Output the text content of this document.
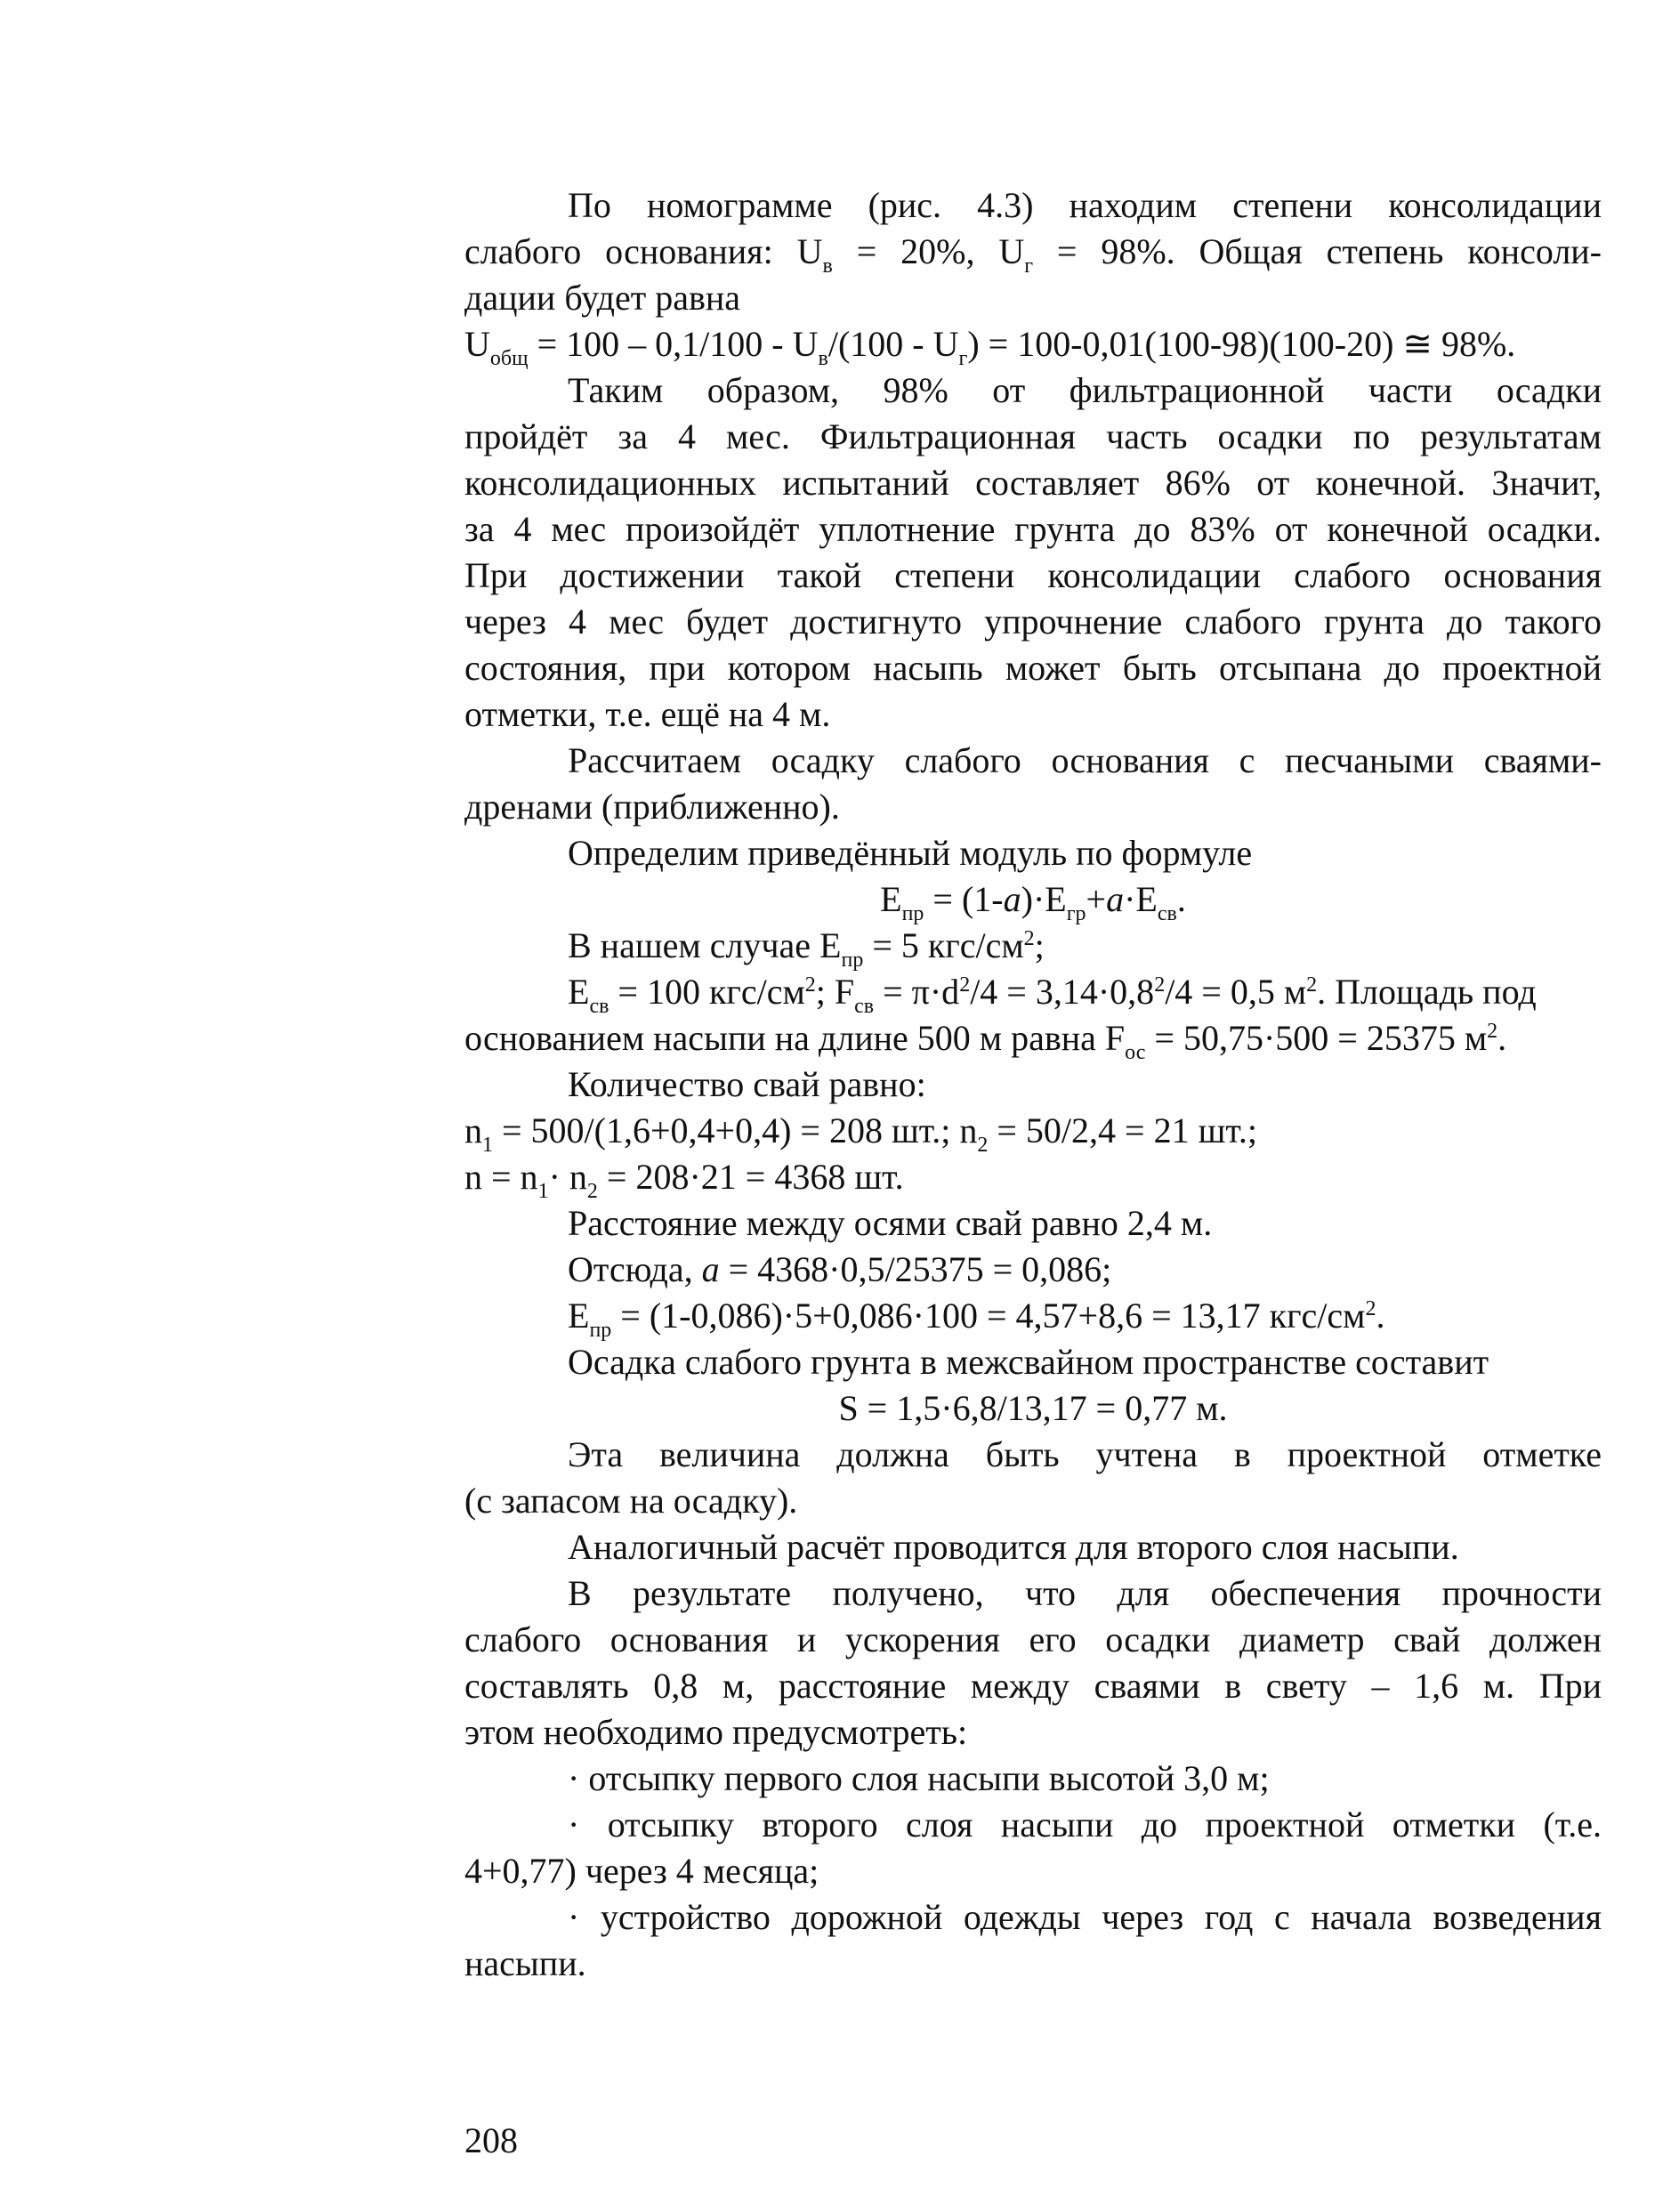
По номограмме (рис. 4.3) находим степени консолидации

слабого основания: $U_в = 20\%$, $U_г = 98\%$. Общая степень консоли-

дации будет равна

$U_{общ} = 100 - 0,1/100 - U_в/(100 - U_г) = 100-0,01(100-98)(100-20)$ ≅ 98%.

Таким образом, 98% от фильтрационной части осадки

пройдёт за 4 мес. Фильтрационная часть осадки по результатам

консолидационных испытаний составляет 86% от конечной. Значит,

за 4 мес произойдёт уплотнение грунта до 83% от конечной осадки.

При достижении такой степени консолидации слабого основания

через 4 мес будет достигнуто упрочнение слабого грунта до такого

состояния, при котором насыпь может быть отсыпана до проектной

отметки, т.е. ещё на 4 м.

Рассчитаем осадку слабого основания с песчаными сваями-

дренами (приближенно).

Определим приведённый модуль по формуле

$E_{пр} = (1-a)\cdot E_{гр}+a\cdot E_{св}$.

В нашем случае $E_{пр} = 5$ кгс/$см^2$;

$E_{св} = 100$ кгс/$см^2$; $F_{св} = \pi\cdot d^2/4 = 3,14\cdot 0,8^2/4 = 0,5$ $м^2$. Площадь под

основанием насыпи на длине 500 м равна $F_{ос} = 50,75\cdot 500 = 25375$ $м^2$.

Количество свай равно:

$n_1 = 500/(1,6+0,4+0,4) = 208$ шт.; $n_2 = 50/2,4 = 21$ шт.;

$n = n_1\cdot n_2 = 208\cdot 21 = 4368$ шт.

Расстояние между осями свай равно 2,4 м.

Отсюда, a = 4368·0,5/25375 = 0,086;

$E_{пр} = (1-0,086)\cdot 5+0,086\cdot 100 = 4,57+8,6 = 13,17$ кгс/$см^2$.

Осадка слабого грунта в межсвайном пространстве составит

S = 1,5·6,8/13,17 = 0,77 м.

Эта величина должна быть учтена в проектной отметке

(с запасом на осадку).

Аналогичный расчёт проводится для второго слоя насыпи.

В результате получено, что для обеспечения прочности

слабого основания и ускорения его осадки диаметр свай должен

составлять 0,8 м, расстояние между сваями в свету – 1,6 м. При

этом необходимо предусмотреть:

· отсыпку первого слоя насыпи высотой 3,0 м;

· отсыпку второго слоя насыпи до проектной отметки (т.е.

4+0,77) через 4 месяца;

· устройство дорожной одежды через год с начала возведения

насыпи.

208
